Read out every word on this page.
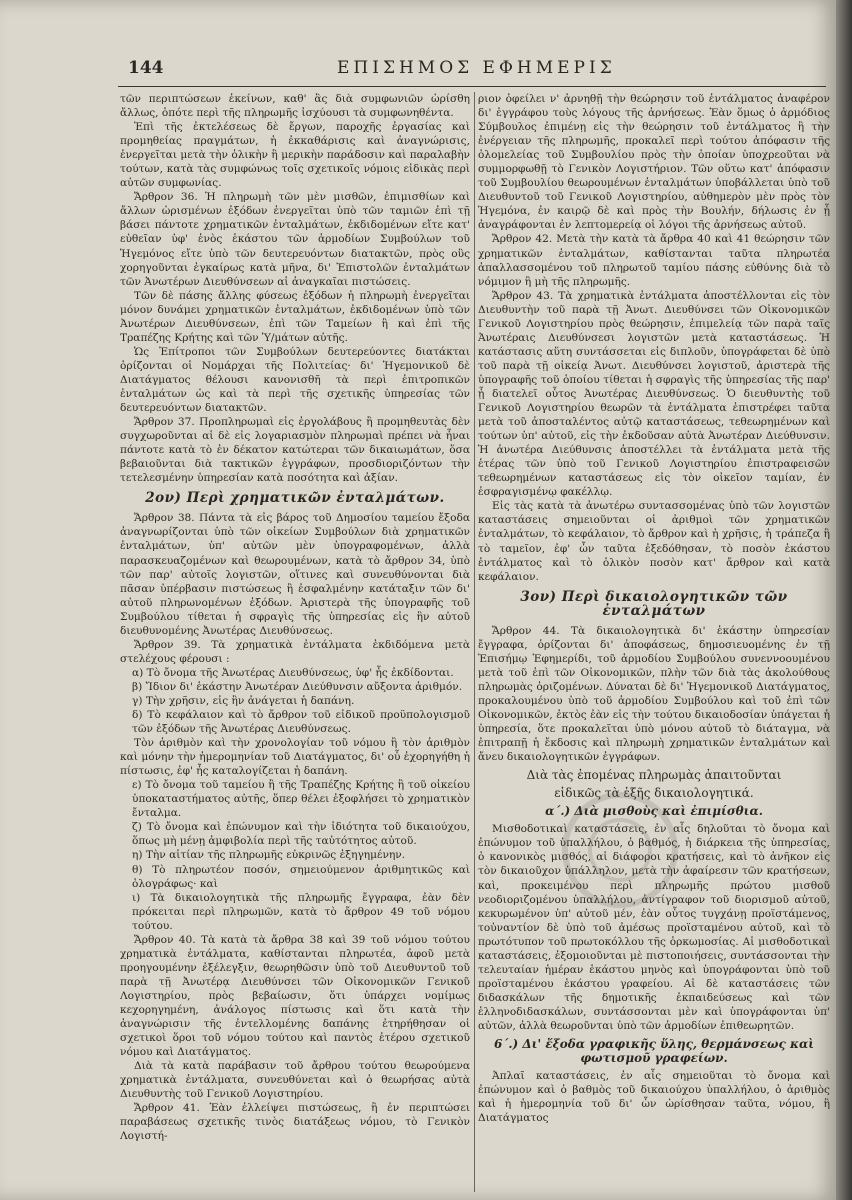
144	ΕΠΙΣΗΜΟΣ ΕΦΗΜΕΡΙΣ

τῶν περιπτώσεων ἐκείνων, καθ' ἃς διὰ συμφωνιῶν ὡρίσθη ἄλλως, ὁπότε περὶ τῆς πληρωμῆς ἰσχύουσι τὰ συμφωνηθέντα.

Ἐπὶ τῆς ἐκτελέσεως δὲ ἔργων, παροχῆς ἐργασίας καὶ προμηθείας πραγμάτων, ἡ ἐκκαθάρισις καὶ ἀναγνώρισις, ἐνεργεῖται μετὰ τὴν ὁλικὴν ἢ μερικὴν παράδοσιν καὶ παραλαβὴν τούτων, κατὰ τὰς συμφώνως τοῖς σχετικοῖς νόμοις εἰδικὰς περὶ αὐτῶν συμφωνίας.

Ἄρθρον 36. Ἡ πληρωμὴ τῶν μὲν μισθῶν, ἐπιμισθίων καὶ ἄλλων ὡρισμένων ἐξόδων ἐνεργεῖται ὑπὸ τῶν ταμιῶν ἐπὶ τῇ βάσει πάντοτε χρηματικῶν ἐνταλμάτων, ἐκδιδομένων εἴτε κατ' εὐθεῖαν ὑφ' ἑνὸς ἑκάστου τῶν ἁρμοδίων Συμβούλων τοῦ Ἡγεμόνος εἴτε ὑπὸ τῶν δευτερευόντων διατακτῶν, πρὸς οὓς χορηγοῦνται ἐγκαίρως κατὰ μῆνα, δι' Ἐπιστολῶν ἐνταλμάτων τῶν Ἀνωτέρων Διευθύνσεων αἱ ἀναγκαῖαι πιστώσεις.

Τῶν δὲ πάσης ἄλλης φύσεως ἐξόδων ἡ πληρωμὴ ἐνεργεῖται μόνον δυνάμει χρηματικῶν ἐνταλμάτων, ἐκδιδομένων ὑπὸ τῶν Ἀνωτέρων Διευθύνσεων, ἐπὶ τῶν Ταμείων ἢ καὶ ἐπὶ τῆς Τραπέζης Κρήτης καὶ τῶν Ὑ/μάτων αὐτῆς.

Ὡς Ἐπίτροποι τῶν Συμβούλων δευτερεύοντες διατάκται ὁρίζονται οἱ Νομάρχαι τῆς Πολιτείας· δι' Ἡγεμονικοῦ δὲ Διατάγματος θέλουσι κανονισθῆ τὰ περὶ ἐπιτροπικῶν ἐνταλμάτων ὡς καὶ τὰ περὶ τῆς σχετικῆς ὑπηρεσίας τῶν δευτερευόντων διατακτῶν.

Ἄρθρον 37. Προπληρωμαὶ εἰς ἐργολάβους ἢ προμηθευτὰς δὲν συγχωροῦνται αἱ δὲ εἰς λογαριασμὸν πληρωμαὶ πρέπει νὰ ἦναι πάντοτε κατὰ τὸ ἐν δέκατον κατώτεραι τῶν δικαιωμάτων, ὅσα βεβαιοῦνται διὰ τακτικῶν ἐγγράφων, προσδιοριζόντων τὴν τετελεσμένην ὑπηρεσίαν κατὰ ποσότητα καὶ ἀξίαν.

2ον) Περὶ χρηματικῶν ἐνταλμάτων.

Ἄρθρον 38. Πάντα τὰ εἰς βάρος τοῦ Δημοσίου ταμείου ἔξοδα ἀναγνωρίζονται ὑπὸ τῶν οἰκείων Συμβούλων διὰ χρηματικῶν ἐνταλμάτων, ὑπ' αὐτῶν μὲν ὑπογραφομένων, ἀλλὰ παρασκευαζομένων καὶ θεωρουμένων, κατὰ τὸ ἄρθρον 34, ὑπὸ τῶν παρ' αὐτοῖς λογιστῶν, οἵτινες καὶ συνευθύνονται διὰ πᾶσαν ὑπέρβασιν πιστώσεως ἢ ἐσφαλμένην κατάταξιν τῶν δι' αὐτοῦ πληρωνομένων ἐξόδων. Ἀριστερὰ τῆς ὑπογραφῆς τοῦ Συμβούλου τίθεται ἡ σφραγὶς τῆς ὑπηρεσίας εἰς ἣν αὐτοῦ διευθυνομένης Ἀνωτέρας Διευθύνσεως.

Ἄρθρον 39. Τὰ χρηματικὰ ἐντάλματα ἐκδιδόμενα μετὰ στελέχους φέρουσι :

α) Τὸ ὄνομα τῆς Ἀνωτέρας Διευθύνσεως, ὑφ' ἧς ἐκδίδονται.

β) Ἴδιον δι' ἑκάστην Ἀνωτέραν Διεύθυνσιν αὔξοντα ἀριθμόν.

γ) Τὴν χρῆσιν, εἰς ἣν ἀνάγεται ἡ δαπάνη.

δ) Τὸ κεφάλαιον καὶ τὸ ἄρθρον τοῦ εἰδικοῦ προϋπολογισμοῦ τῶν ἐξόδων τῆς Ἀνωτέρας Διευθύνσεως.

Τὸν ἀριθμὸν καὶ τὴν χρονολογίαν τοῦ νόμου ἢ τὸν ἀριθμὸν καὶ μόνην τὴν ἡμερομηνίαν τοῦ Διατάγματος, δι' οὗ ἐχορηγήθη ἡ πίστωσις, ἐφ' ἧς καταλογίζεται ἡ δαπάνη.

ε) Τὸ ὄνομα τοῦ ταμείου ἢ τῆς Τραπέζης Κρήτης ἢ τοῦ οἰκείου ὑποκαταστήματος αὐτῆς, ὅπερ θέλει ἐξοφλήσει τὸ χρηματικὸν ἔνταλμα.

ζ) Τὸ ὄνομα καὶ ἐπώνυμον καὶ τὴν ἰδιότητα τοῦ δικαιούχου, ὅπως μὴ μένῃ ἀμφιβολία περὶ τῆς ταὐτότητος αὐτοῦ.

η) Τὴν αἰτίαν τῆς πληρωμῆς εὐκρινῶς ἐξηγημένην.

θ) Τὸ πληρωτέον ποσόν, σημειούμενον ἀριθμητικῶς καὶ ὁλογράφως· καὶ

ι) Τὰ δικαιολογητικὰ τῆς πληρωμῆς ἔγγραφα, ἐὰν δὲν πρόκειται περὶ πληρωμῶν, κατὰ τὸ ἄρθρον 49 τοῦ νόμου τούτου.

Ἄρθρον 40. Τὰ κατὰ τὰ ἄρθρα 38 καὶ 39 τοῦ νόμου τούτου χρηματικὰ ἐντάλματα, καθίστανται πληρωτέα, ἀφοῦ μετὰ προηγουμένην ἐξέλεγξιν, θεωρηθῶσιν ὑπὸ τοῦ Διευθυντοῦ τοῦ παρὰ τῇ Ἀνωτέρᾳ Διευθύνσει τῶν Οἰκονομικῶν Γενικοῦ Λογιστηρίου, πρὸς βεβαίωσιν, ὅτι ὑπάρχει νομίμως κεχορηγημένη, ἀνάλογος πίστωσις καὶ ὅτι κατὰ τὴν ἀναγνώρισιν τῆς ἐντελλομένης δαπάνης ἐτηρήθησαν οἱ σχετικοὶ ὅροι τοῦ νόμου τούτου καὶ παντὸς ἑτέρου σχετικοῦ νόμου καὶ Διατάγματος.

Διὰ τὰ κατὰ παράβασιν τοῦ ἄρθρου τούτου θεωρούμενα χρηματικὰ ἐντάλματα, συνευθύνεται καὶ ὁ θεωρήσας αὐτὰ Διευθυντὴς τοῦ Γενικοῦ Λογιστηρίου.

Ἄρθρον 41. Ἐὰν ἐλλείψει πιστώσεως, ἢ ἐν περιπτώσει παραβάσεως σχετικῆς τινὸς διατάξεως νόμου, τὸ Γενικὸν Λογιστή-

ριον ὀφείλει ν' ἀρνηθῇ τὴν θεώρησιν τοῦ ἐντάλματος ἀναφέρον δι' ἐγγράφου τοὺς λόγους τῆς ἀρνήσεως. Ἐὰν ὅμως ὁ ἁρμόδιος Σύμβουλος ἐπιμένῃ εἰς τὴν θεώρησιν τοῦ ἐντάλματος ἢ τὴν ἐνέργειαν τῆς πληρωμῆς, προκαλεῖ περὶ τούτου ἀπόφασιν τῆς ὁλομελείας τοῦ Συμβουλίου πρὸς τὴν ὁποίαν ὑποχρεοῦται νὰ συμμορφωθῇ τὸ Γενικὸν Λογιστήριον. Τῶν οὕτω κατ' ἀπόφασιν τοῦ Συμβουλίου θεωρουμένων ἐνταλμάτων ὑποβάλλεται ὑπὸ τοῦ Διευθυντοῦ τοῦ Γενικοῦ Λογιστηρίου, αὐθημερὸν μὲν πρὸς τὸν Ἡγεμόνα, ἐν καιρῷ δὲ καὶ πρὸς τὴν Βουλήν, δήλωσις ἐν ᾗ ἀναγράφονται ἐν λεπτομερείᾳ οἱ λόγοι τῆς ἀρνήσεως αὐτοῦ.

Ἄρθρον 42. Μετὰ τὴν κατὰ τὰ ἄρθρα 40 καὶ 41 θεώρησιν τῶν χρηματικῶν ἐνταλμάτων, καθίστανται ταῦτα πληρωτέα ἀπαλλασσομένου τοῦ πληρωτοῦ ταμίου πάσης εὐθύνης διὰ τὸ νόμιμον ἢ μὴ τῆς πληρωμῆς.

Ἄρθρον 43. Τὰ χρηματικὰ ἐντάλματα ἀποστέλλονται εἰς τὸν Διευθυντὴν τοῦ παρὰ τῇ Ἀνωτ. Διευθύνσει τῶν Οἰκονομικῶν Γενικοῦ Λογιστηρίου πρὸς θεώρησιν, ἐπιμελείᾳ τῶν παρὰ ταῖς Ἀνωτέραις Διευθύνσεσι λογιστῶν μετὰ καταστάσεως. Ἡ κατάστασις αὕτη συντάσσεται εἰς διπλοῦν, ὑπογράφεται δὲ ὑπὸ τοῦ παρὰ τῇ οἰκείᾳ Ἀνωτ. Διευθύνσει λογιστοῦ, ἀριστερὰ τῆς ὑπογραφῆς τοῦ ὁποίου τίθεται ἡ σφραγὶς τῆς ὑπηρεσίας τῆς παρ' ᾗ διατελεῖ οὗτος Ἀνωτέρας Διευθύνσεως. Ὁ διευθυντὴς τοῦ Γενικοῦ Λογιστηρίου θεωρῶν τὰ ἐντάλματα ἐπιστρέφει ταῦτα μετὰ τοῦ ἀποσταλέντος αὐτῷ καταστάσεως, τεθεωρημένων καὶ τούτων ὑπ' αὐτοῦ, εἰς τὴν ἐκδοῦσαν αὐτὰ Ἀνωτέραν Διεύθυνσιν. Ἡ ἀνωτέρα Διεύθυνσις ἀποστέλλει τὰ ἐντάλματα μετὰ τῆς ἑτέρας τῶν ὑπὸ τοῦ Γενικοῦ Λογιστηρίου ἐπιστραφεισῶν τεθεωρημένων καταστάσεως εἰς τὸν οἰκεῖον ταμίαν, ἐν ἐσφραγισμένῳ φακέλλῳ.

Εἰς τὰς κατὰ τὰ ἀνωτέρω συντασσομένας ὑπὸ τῶν λογιστῶν καταστάσεις σημειοῦνται οἱ ἀριθμοὶ τῶν χρηματικῶν ἐνταλμάτων, τὸ κεφάλαιον, τὸ ἄρθρον καὶ ἡ χρῆσις, ἡ τράπεζα ἢ τὸ ταμεῖον, ἐφ' ὧν ταῦτα ἐξεδόθησαν, τὸ ποσὸν ἑκάστου ἐντάλματος καὶ τὸ ὁλικὸν ποσὸν κατ' ἄρθρον καὶ κατὰ κεφάλαιον.

3ον) Περὶ δικαιολογητικῶν τῶν ἐνταλμάτων

Ἄρθρον 44. Τὰ δικαιολογητικὰ δι' ἑκάστην ὑπηρεσίαν ἔγγραφα, ὁρίζονται δι' ἀποφάσεως, δημοσιευομένης ἐν τῇ Ἐπισήμῳ Ἐφημερίδι, τοῦ ἁρμοδίου Συμβούλου συνεννοουμένου μετὰ τοῦ ἐπὶ τῶν Οἰκονομικῶν, πλὴν τῶν διὰ τὰς ἀκολούθους πληρωμὰς ὁριζομένων. Δύναται δὲ δι' Ἡγεμονικοῦ Διατάγματος, προκαλουμένου ὑπὸ τοῦ ἁρμοδίου Συμβούλου καὶ τοῦ ἐπὶ τῶν Οἰκονομικῶν, ἐκτὸς ἐὰν εἰς τὴν τούτου δικαιοδοσίαν ὑπάγεται ἡ ὑπηρεσία, ὅτε προκαλεῖται ὑπὸ μόνου αὐτοῦ τὸ διάταγμα, νὰ ἐπιτραπῇ ἡ ἔκδοσις καὶ πληρωμὴ χρηματικῶν ἐνταλμάτων καὶ ἄνευ δικαιολογητικῶν ἐγγράφων.

Διὰ τὰς ἑπομένας πληρωμὰς ἀπαιτοῦνται

εἰδικῶς τὰ ἑξῆς δικαιολογητικά.

α΄.) Διὰ μισθοὺς καὶ ἐπιμίσθια.

Μισθοδοτικαὶ καταστάσεις, ἐν αἷς δηλοῦται τὸ ὄνομα καὶ ἐπώνυμον τοῦ ὑπαλλήλου, ὁ βαθμός, ἡ διάρκεια τῆς ὑπηρεσίας, ὁ κανονικὸς μισθός, αἱ διάφοροι κρατήσεις, καὶ τὸ ἀνῆκον εἰς τὸν δικαιοῦχον ὑπάλληλον, μετὰ τὴν ἀφαίρεσιν τῶν κρατήσεων, καὶ, προκειμένου περὶ πληρωμῆς πρώτου μισθοῦ νεοδιοριζομένου ὑπαλλήλου, ἀντίγραφον τοῦ διορισμοῦ αὐτοῦ, κεκυρωμένον ὑπ' αὐτοῦ μέν, ἐὰν οὗτος τυγχάνῃ προϊστάμενος, τοὐναντίον δὲ ὑπὸ τοῦ ἀμέσως προϊσταμένου αὐτοῦ, καὶ τὸ πρωτότυπον τοῦ πρωτοκόλλου τῆς ὁρκωμοσίας. Αἱ μισθοδοτικαὶ καταστάσεις, ἐξομοιοῦνται μὲ πιστοποιήσεις, συντάσσονται τὴν τελευταίαν ἡμέραν ἑκάστου μηνὸς καὶ ὑπογράφονται ὑπὸ τοῦ προϊσταμένου ἑκάστου γραφείου. Αἱ δὲ καταστάσεις τῶν διδασκάλων τῆς δημοτικῆς ἐκπαιδεύσεως καὶ τῶν ἑλληνοδιδασκάλων, συντάσσονται μὲν καὶ ὑπογράφονται ὑπ' αὐτῶν, ἀλλὰ θεωροῦνται ὑπὸ τῶν ἁρμοδίων ἐπιθεωρητῶν.

6΄.) Δι' ἔξοδα γραφικῆς ὕλης, θερμάνσεως καὶ φωτισμοῦ γραφείων.

Ἀπλαῖ καταστάσεις, ἐν αἷς σημειοῦται τὸ ὄνομα καὶ ἐπώνυμον καὶ ὁ βαθμὸς τοῦ δικαιούχου ὑπαλλήλου, ὁ ἀριθμὸς καὶ ἡ ἡμερομηνία τοῦ δι' ὧν ὡρίσθησαν ταῦτα, νόμου, ἢ Διατάγματος
